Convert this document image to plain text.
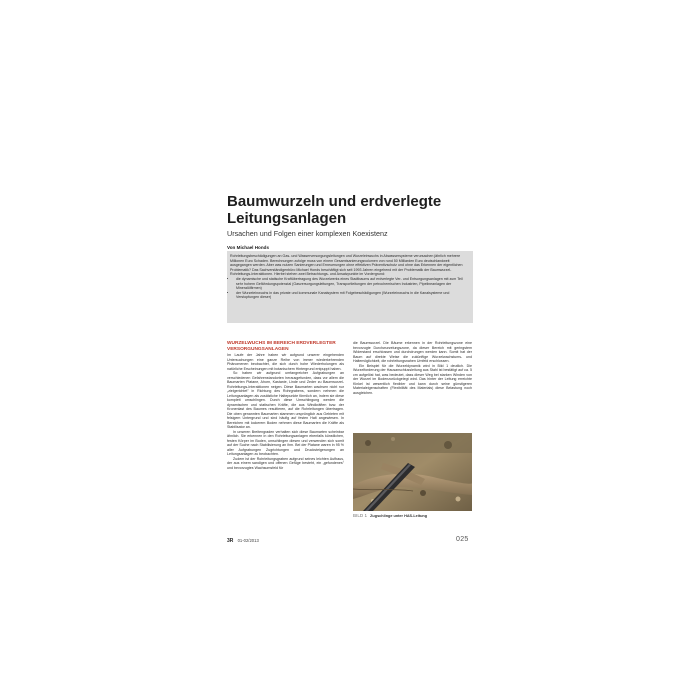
Baumwurzeln und erdverlegte
Leitungsanlagen
Ursachen und Folgen einer komplexen Koexistenz
Von Michael Honds

Rohrleitungsbeschädigungen an Gas- und Wasserversorgungsleitungen und Wurzeleinwuchs in Abwassersysteme verursachen jährlich mehrere Millionen Euro Schaden. Berechnungen zufolge muss von einem Gesamtsanierungsvolumen von rund 50 Milliarden Euro deutschlandweit ausgegangen werden. Aber was nutzen Sanierungen und Erneuerungen ohne effektiven Präventivschutz und ohne das Erkennen der eigentlichen Problematik? Das Sachverständigenbüro Michael Honds beschäftigt sich seit 1993 Jahren eingehend mit der Problematik der Baumwurzel-Rohrleitungs-Interaktionen. Hierbei stehen zwei Betrachtungs- und Ansatzpunkte im Vordergrund:

• die dynamische und statische Kraftübertragung des Wurzelwerks eines Stadtbaums auf erdverlegte Ver- und Entsorgungsanlagen mit zum Teil sehr hohem Gefährdungspotenzial (Gasversorgungsleitungen, Transportleitungen der petrochemischen Industrien, Pipelineanlagen der Mineralölfirmen)
• der Wurzeleinwuchs in das private und kommunale Kanalsystem mit Folgebeschädigungen (Wurzeleinwuchs in die Kanalsysteme und Verstopfungen dieser)
WURZELWUCHS IM BEREICH ERDVERLEGTER
VERSORGUNGSANLAGEN

Im Laufe der Jahre haben wir aufgrund unserer eingehenden Untersuchungen eine ganze Reihe von immer wiederkehrenden Phänomenen beobachtet, die sich durch hohe Wiederholungen als natürliche Erscheinungen mit botanischem Hintergrund entpuppt haben.

So haben wir aufgrund umfangreicher Aufgrabungen an verschiedenen Gefahrenstandorten herausgefunden, dass vor allem die Baumarten Platane, Ahorn, Kastanie, Linde und Zeder zu Baumwurzel-Rohrleitungs-Interaktionen neigen. Diese Baumarten wachsen nicht nur „zielgerichtet" in Richtung des Rohrgrabens, sondern nehmen die Leitungsanlagen als zusätzliche Haltepunkte förmlich an, indem sie diese komplett umschlingen. Durch diese Umschlingung werden die dynamischen und statischen Kräfte, die aus Windkräften bzw. der Kronenlast des Baumes resultieren, auf die Rohrleitungen übertragen. Die oben genannten Baumarten stammen ursprünglich aus Gebieten mit felsigem Untergrund und sind häufig auf festen Halt angewiesen. In Bereichen mit lockerem Boden nehmen diese Baumarten die Kräfte als Stabilisator an.

In unseren Breitengraden verhalten sich diese Baumarten scheinbar ähnlich. Sie erkennen in den Rohrleitungsanlagen ebenfalls künstlichen, festen Körper im Boden, umschlingen diesen und verwenden sich somit auf der Suche nach Stabilisierung an ihm. Bei der Platane waren in 95 % aller Aufgrabungen Zugrichtungen und Drucksteigerungen an Leitungsanlagen zu beobachten.

Zudem ist der Rohrleitungsgraben aufgrund seines leichten Aufbaus, der aus einem sandigen und offenen Gefüge besteht, ein „gefundenes" und bevorzugtes Wachsumsfeld für

die Baumwurzel. Die Bäume erkennen in der Rohrleitungszone eine bevorzugte Durchwurzelungszone, da dieser Bereich mit geringstem Widerstand erschlossen und durchdrungen werden kann. Somit hat der Baum auf direkte Weise die zukünftige Wurzelwachstums- und Haltemöglichkeit, die rohrleitungsnahen Umfeld erschlossen.

Ein Beispiel für die Wurzeldynamik wird in Bild 1 deutlich. Die Wurzelforderung der Hausanschlussleitung aus Stahl ist bestätigt auf ca. 5 cm aufgelöst hat, was bedeutet, dass dieser Weg bei starken Winden von der Wurzel im Bodenzurückgelegt wird. Das hinter der Leitung erreichte Kinkel ist wesentlich flexibler und kann durch seine günstigeren Materialeigenschaften (Flexibilität des Materials) diese Belastung noch ausgleichen.

BILD 1 Zugschlinge unter HAS-Leitung
3R 01-02/2013	025
